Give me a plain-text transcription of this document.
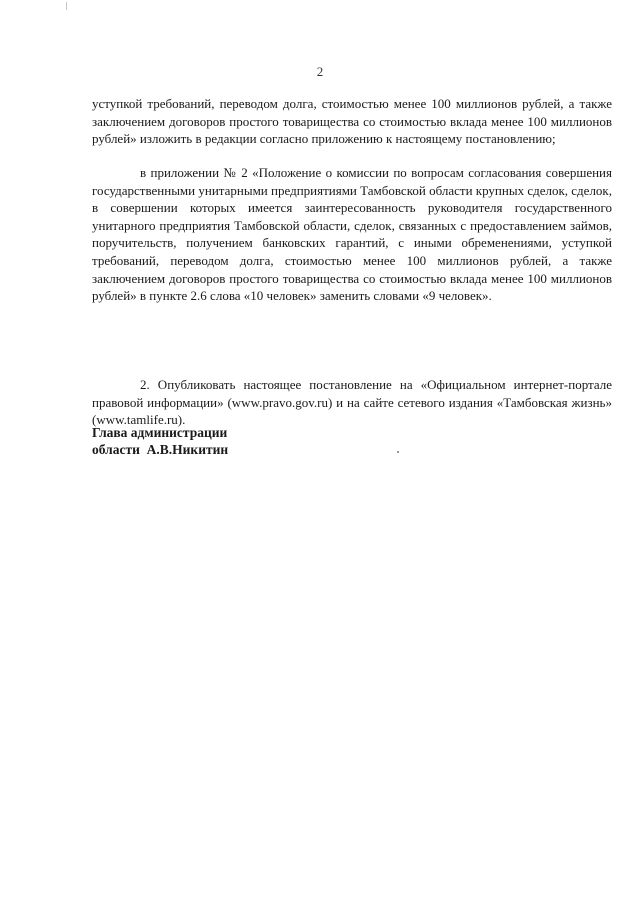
2

уступкой требований, переводом долга, стоимостью менее 100 миллионов рублей, а также заключением договоров простого товарищества со стоимостью вклада менее 100 миллионов рублей» изложить в редакции согласно приложению к настоящему постановлению;

в приложении № 2 «Положение о комиссии по вопросам согласования совершения государственными унитарными предприятиями Тамбовской области крупных сделок, сделок, в совершении которых имеется заинтересованность руководителя государственного унитарного предприятия Тамбовской области, сделок, связанных с предоставлением займов, поручительств, получением банковских гарантий, с иными обременениями, уступкой требований, переводом долга, стоимостью менее 100 миллионов рублей, а также заключением договоров простого товарищества со стоимостью вклада менее 100 миллионов рублей» в пункте 2.6 слова «10 человек» заменить словами «9 человек».

2. Опубликовать настоящее постановление на «Официальном интернет-портале правовой информации» (www.pravo.gov.ru) и на сайте сетевого издания «Тамбовская жизнь» (www.tamlife.ru).

Глава администрации
области  А.В.Никитин
